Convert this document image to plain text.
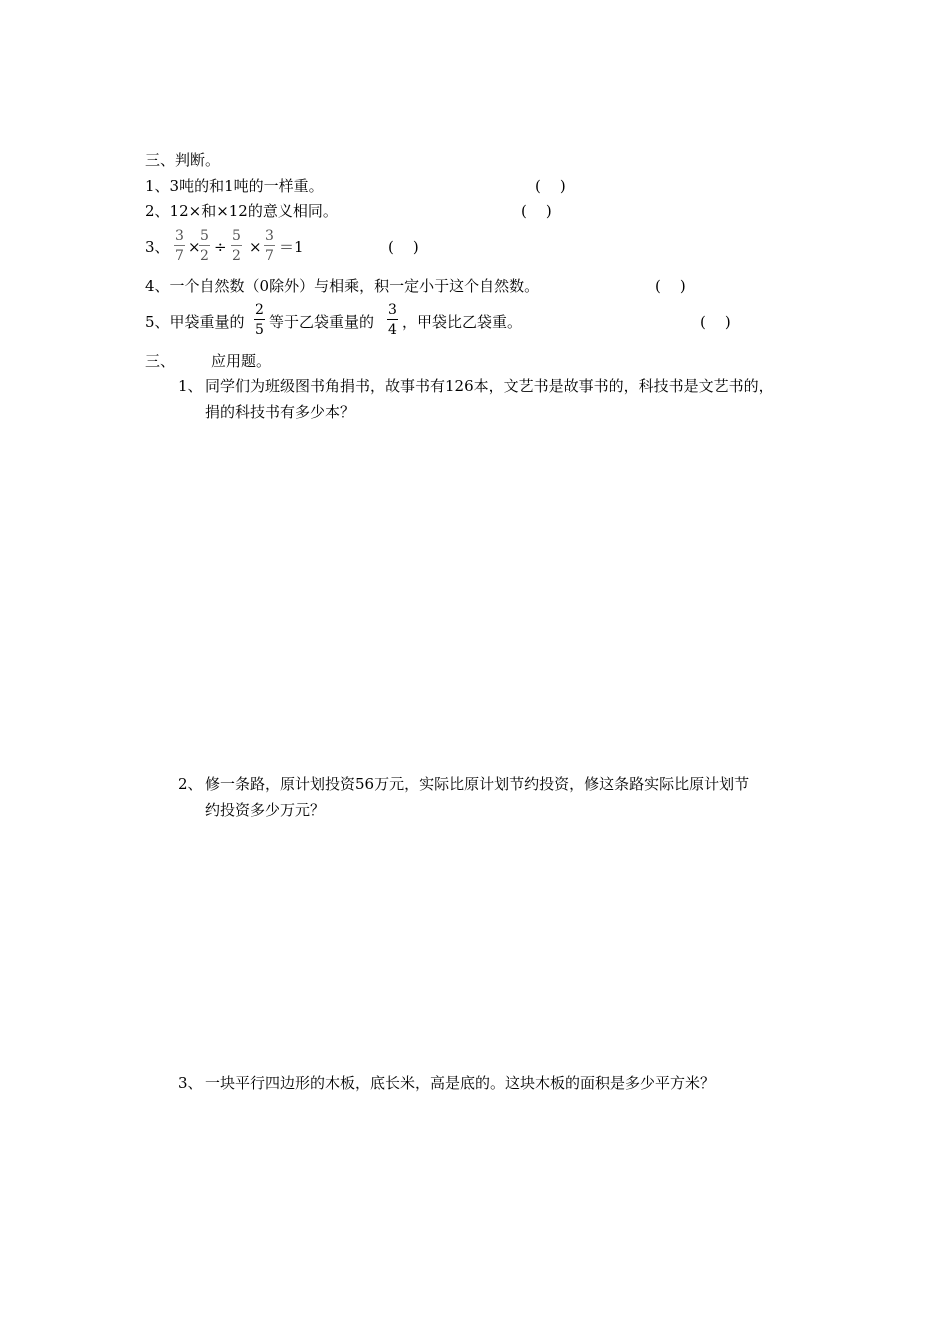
三、判断。
1、3吨的和1吨的一样重。	(    )
2、12×和×12的意义相同。	(    )
3、 $\frac{3}{7}$ ×
$\frac{5}{2} \div \frac{5}{2} \times \frac{3}{7} =1$	(    )
4、一个自然数（0除外）与相乘，积一定小于这个自然数。	(    )
5、甲袋重量的 $\frac{2}{5}$ 等于乙袋重量的 $\frac{3}{4}$ ，甲袋比乙袋重。	(    )
三、 应用题。
1、 同学们为班级图书角捐书，故事书有126本，文艺书是故事书的，科技书是文艺书的，
捐的科技书有多少本？
2、 修一条路，原计划投资56万元，实际比原计划节约投资，修这条路实际比原计划节
约投资多少万元？
3、 一块平行四边形的木板，底长米，高是底的。这块木板的面积是多少平方米？
